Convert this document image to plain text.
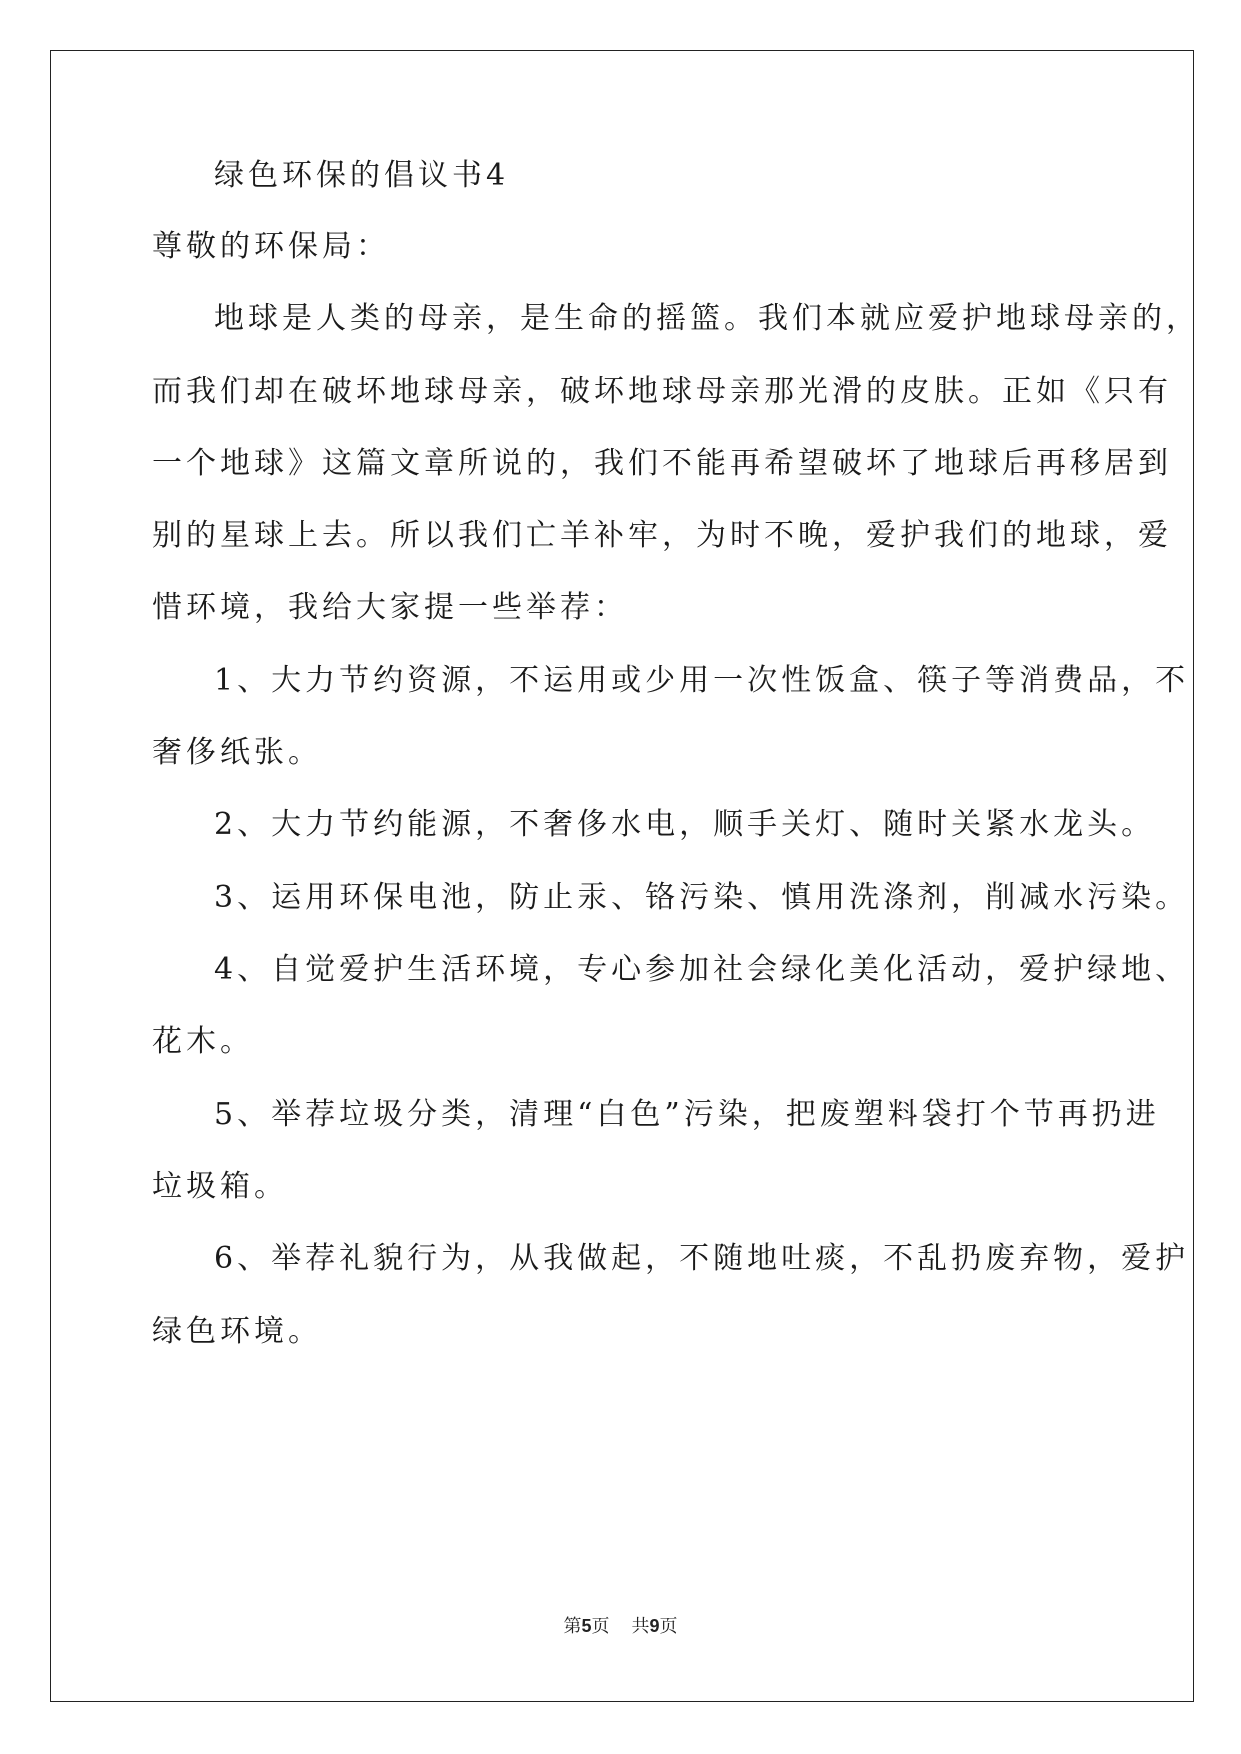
绿色环保的倡议书4
尊敬的环保局：
地球是人类的母亲，是生命的摇篮。我们本就应爱护地球母亲的，
而我们却在破坏地球母亲，破坏地球母亲那光滑的皮肤。正如《只有
一个地球》这篇文章所说的，我们不能再希望破坏了地球后再移居到
别的星球上去。所以我们亡羊补牢，为时不晚，爱护我们的地球，爱
惜环境，我给大家提一些举荐：
1、大力节约资源，不运用或少用一次性饭盒、筷子等消费品，不
奢侈纸张。
2、大力节约能源，不奢侈水电，顺手关灯、随时关紧水龙头。
3、运用环保电池，防止汞、铬污染、慎用洗涤剂，削减水污染。
4、自觉爱护生活环境，专心参加社会绿化美化活动，爱护绿地、
花木。
5、举荐垃圾分类，清理“白色”污染，把废塑料袋打个节再扔进
垃圾箱。
6、举荐礼貌行为，从我做起，不随地吐痰，不乱扔废弃物，爱护
绿色环境。
第5页 共9页
